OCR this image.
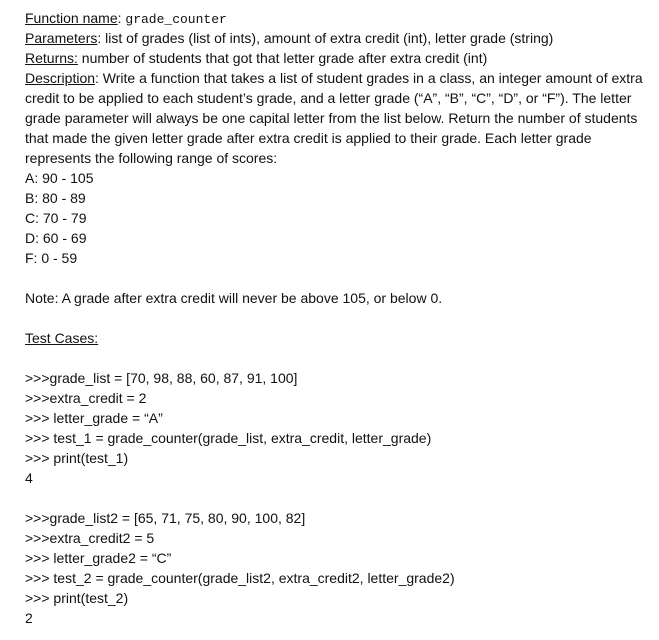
Function name: grade_counter
Parameters: list of grades (list of ints), amount of extra credit (int), letter grade (string)
Returns: number of students that got that letter grade after extra credit (int)

Description: Write a function that takes a list of student grades in a class, an integer amount of extra credit to be applied to each student’s grade, and a letter grade (“A”, “B”, “C”, “D”, or “F”). The letter grade parameter will always be one capital letter from the list below. Return the number of students that made the given letter grade after extra credit is applied to their grade. Each letter grade represents the following range of scores:

A: 90 - 105
B: 80 - 89
C: 70 - 79
D: 60 - 69
F: 0 - 59
Note: A grade after extra credit will never be above 105, or below 0.
Test Cases:
>>>grade_list = [70, 98, 88, 60, 87, 91, 100]
>>>extra_credit = 2
>>> letter_grade = “A”
>>> test_1 = grade_counter(grade_list, extra_credit, letter_grade)
>>> print(test_1)
4
>>>grade_list2 = [65, 71, 75, 80, 90, 100, 82]
>>>extra_credit2 = 5
>>> letter_grade2 = “C”
>>> test_2 = grade_counter(grade_list2, extra_credit2, letter_grade2)
>>> print(test_2)
2
